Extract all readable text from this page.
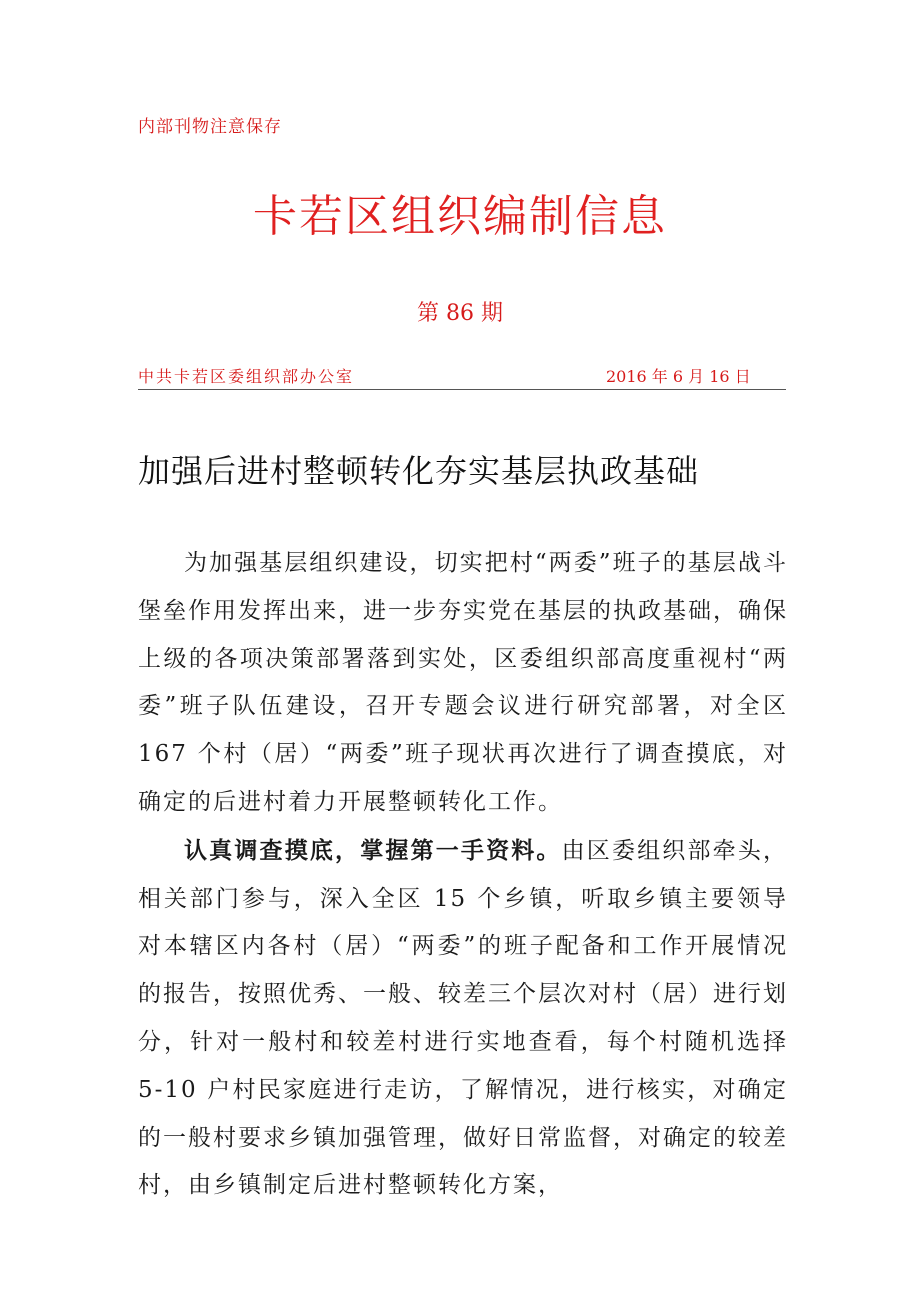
内部刊物注意保存
卡若区组织编制信息
第 86 期
中共卡若区委组织部办公室	2016 年 6 月 16 日
加强后进村整顿转化夯实基层执政基础

为加强基层组织建设，切实把村“两委”班子的基层战斗堡垒作用发挥出来，进一步夯实党在基层的执政基础，确保上级的各项决策部署落到实处，区委组织部高度重视村“两委”班子队伍建设，召开专题会议进行研究部署，对全区 167 个村（居）“两委”班子现状再次进行了调查摸底，对确定的后进村着力开展整顿转化工作。

认真调查摸底，掌握第一手资料。由区委组织部牵头，相关部门参与，深入全区 15 个乡镇，听取乡镇主要领导对本辖区内各村（居）“两委”的班子配备和工作开展情况的报告，按照优秀、一般、较差三个层次对村（居）进行划分，针对一般村和较差村进行实地查看，每个村随机选择 5-10 户村民家庭进行走访，了解情况，进行核实，对确定的一般村要求乡镇加强管理，做好日常监督，对确定的较差村，由乡镇制定后进村整顿转化方案，
